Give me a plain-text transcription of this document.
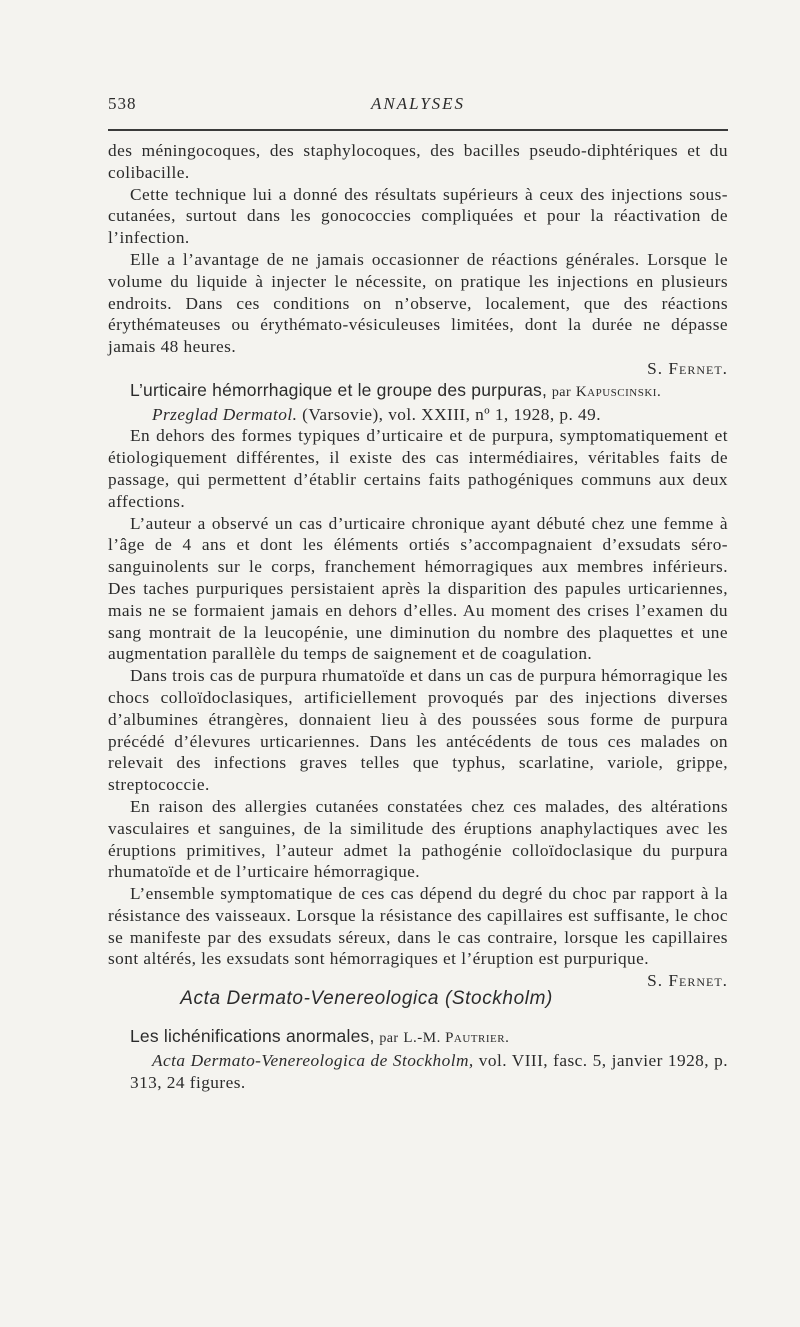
538	ANALYSES

des méningocoques, des staphylocoques, des bacilles pseudo-diphtériques et du colibacille.

Cette technique lui a donné des résultats supérieurs à ceux des injections sous-cutanées, surtout dans les gonococcies compliquées et pour la réactivation de l’infection.

Elle a l’avantage de ne jamais occasionner de réactions générales. Lorsque le volume du liquide à injecter le nécessite, on pratique les injections en plusieurs endroits. Dans ces conditions on n’observe, localement, que des réactions érythémateuses ou érythémato-vésiculeuses limitées, dont la durée ne dépasse jamais 48 heures.

S. Fernet.

L’urticaire hémorrhagique et le groupe des purpuras, par Kapuscinski.

Przeglad Dermatol. (Varsovie), vol. XXIII, nº 1, 1928, p. 49.

En dehors des formes typiques d’urticaire et de purpura, symptomatiquement et étiologiquement différentes, il existe des cas intermédiaires, véritables faits de passage, qui permettent d’établir certains faits pathogéniques communs aux deux affections.

L’auteur a observé un cas d’urticaire chronique ayant débuté chez une femme à l’âge de 4 ans et dont les éléments ortiés s’accompagnaient d’exsudats séro-sanguinolents sur le corps, franchement hémorragiques aux membres inférieurs. Des taches purpuriques persistaient après la disparition des papules urticariennes, mais ne se formaient jamais en dehors d’elles. Au moment des crises l’examen du sang montrait de la leucopénie, une diminution du nombre des plaquettes et une augmentation parallèle du temps de saignement et de coagulation.

Dans trois cas de purpura rhumatoïde et dans un cas de purpura hémorragique les chocs colloïdoclasiques, artificiellement provoqués par des injections diverses d’albumines étrangères, donnaient lieu à des poussées sous forme de purpura précédé d’élevures urticariennes. Dans les antécédents de tous ces malades on relevait des infections graves telles que typhus, scarlatine, variole, grippe, streptococcie.

En raison des allergies cutanées constatées chez ces malades, des altérations vasculaires et sanguines, de la similitude des éruptions anaphylactiques avec les éruptions primitives, l’auteur admet la pathogénie colloïdoclasique du purpura rhumatoïde et de l’urticaire hémorragique.

L’ensemble symptomatique de ces cas dépend du degré du choc par rapport à la résistance des vaisseaux. Lorsque la résistance des capillaires est suffisante, le choc se manifeste par des exsudats séreux, dans le cas contraire, lorsque les capillaires sont altérés, les exsudats sont hémorragiques et l’éruption est purpurique.
S. Fernet.

Acta Dermato-Venereologica (Stockholm)

Les lichénifications anormales, par L.-M. Pautrier.

Acta Dermato-Venereologica de Stockholm, vol. VIII, fasc. 5, janvier 1928, p. 313, 24 figures.
